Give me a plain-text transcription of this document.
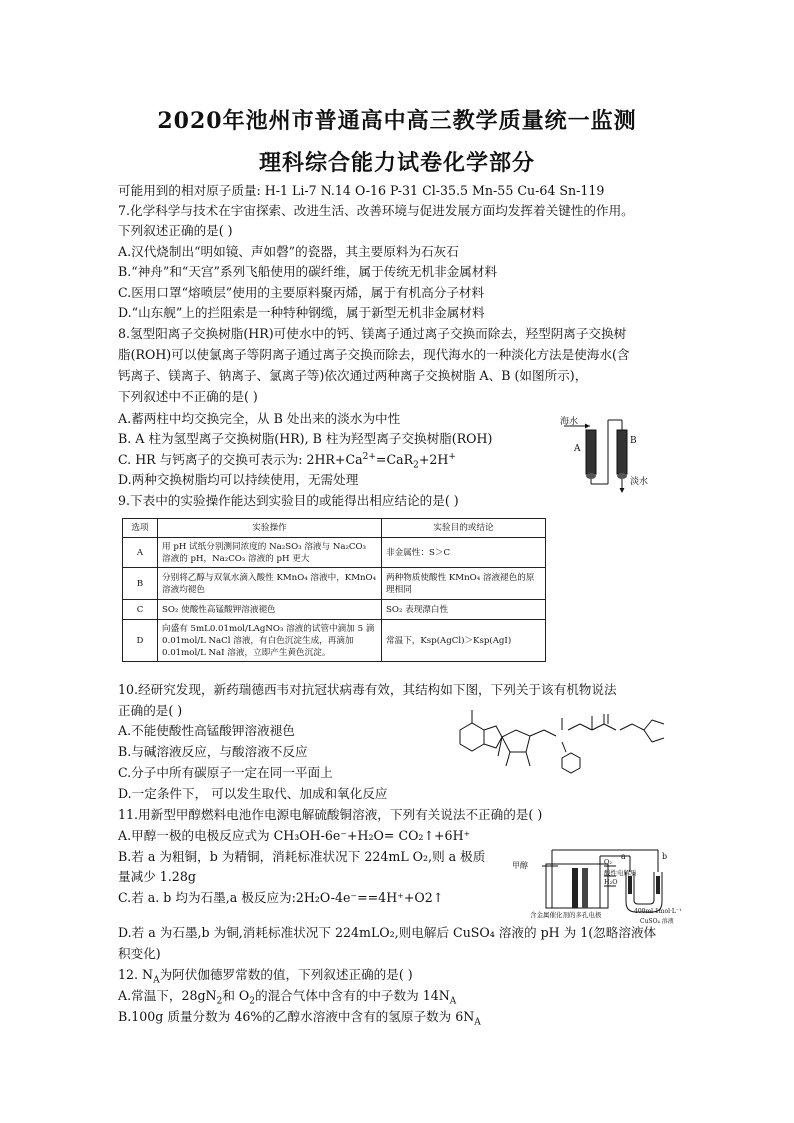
2020年池州市普通高中高三教学质量统一监测
理科综合能力试卷化学部分
可能用到的相对原子质量: H-1 Li-7 N.14 O-16 P-31 Cl-35.5 Mn-55 Cu-64 Sn-119
7.化学科学与技术在宇宙探索、改进生活、改善环境与促进发展方面均发挥着关键性的作用。
下列叙述正确的是( )
A.汉代烧制出“明如镜、声如磬”的瓷器，其主要原料为石灰石
B.“神舟”和“天宫”系列飞船使用的碳纤维，属于传统无机非金属材料
C.医用口罩“熔喷层”使用的主要原料聚丙烯，属于有机高分子材料
D.“山东舰”上的拦阻索是一种特种钢缆，属于新型无机非金属材料
8.氢型阳离子交换树脂(HR)可使水中的钙、镁离子通过离子交换而除去，羟型阴离子交换树
脂(ROH)可以使氯离子等阴离子通过离子交换而除去，现代海水的一种淡化方法是使海水(含
钙离子、镁离子、钠离子、氯离子等)依次通过两种离子交换树脂 A、B (如图所示)，
下列叙述中不正确的是( )
A.蓄两柱中均交换完全，从 B 处出来的淡水为中性
B. A 柱为氢型离子交换树脂(HR), B 柱为羟型离子交换树脂(ROH)
C. HR 与钙离子的交换可表示为: $2HR+Ca^{2+}=CaR_2+2H^+$
D.两种交换树脂均可以持续使用，无需处理
海水
A
B
淡水
9.下表中的实验操作能达到实验目的或能得出相应结论的是( )
选项	实验操作	实验目的或结论
A	用 pH 试纸分别测同浓度的 Na₂SO₃ 溶液与 Na₂CO₃ 溶液的 pH，Na₂CO₃ 溶液的 pH 更大	非金属性：S＞C
B	分别将乙醇与双氧水滴入酸性 KMnO₄ 溶液中，KMnO₄ 溶液均褪色	两种物质使酸性 KMnO₄ 溶液褪色的原理相同
C	SO₂ 使酸性高锰酸钾溶液褪色	SO₂ 表现漂白性
D	向盛有 5mL0.01mol/LAgNO₃ 溶液的试管中滴加 5 滴 0.01mol/L NaCl 溶液，有白色沉淀生成，再滴加 0.01mol/L NaI 溶液，立即产生黄色沉淀。	常温下，Ksp(AgCl)＞Ksp(AgI)
10.经研究发现，新药瑞德西韦对抗冠状病毒有效，其结构如下图，下列关于该有机物说法
正确的是( )
A.不能使酸性高锰酸钾溶液褪色
B.与碱溶液反应，与酸溶液不反应
C.分子中所有碳原子一定在同一平面上
D.一定条件下， 可以发生取代、加成和氧化反应
11.用新型甲醇燃料电池作电源电解硫酸铜溶液，下列有关说法不正确的是( )
A.甲醇一极的电极反应式为 CH₃OH-6e⁻+H₂O= CO₂↑+6H⁺
B.若 a 为粗铜，b 为精铜，消耗标准状况下 224mL O₂,则 a 极质
量减少 1.28g
C.若 a. b 均为石墨,a 极反应为:2H₂O-4e⁻==4H⁺+O2↑
D.若 a 为石墨,b 为铜,消耗标准状况下 224mLO₂,则电解后 CuSO₄ 溶液的 pH 为 1(忽略溶液体
积变化)
甲醇	O₂
酸性电解质
H₂O
含金属催化剂的多孔电极
a	b
400ml 1mol·L⁻¹
CuSO₄ 溶液
12. $N_A$为阿伏伽德罗常数的值，下列叙述正确的是( )
A.常温下，$28gN_2$和 $O_2$的混合气体中含有的中子数为 $14N_A$
B.100g 质量分数为 46%的乙醇水溶液中含有的氢原子数为 $6N_A$
